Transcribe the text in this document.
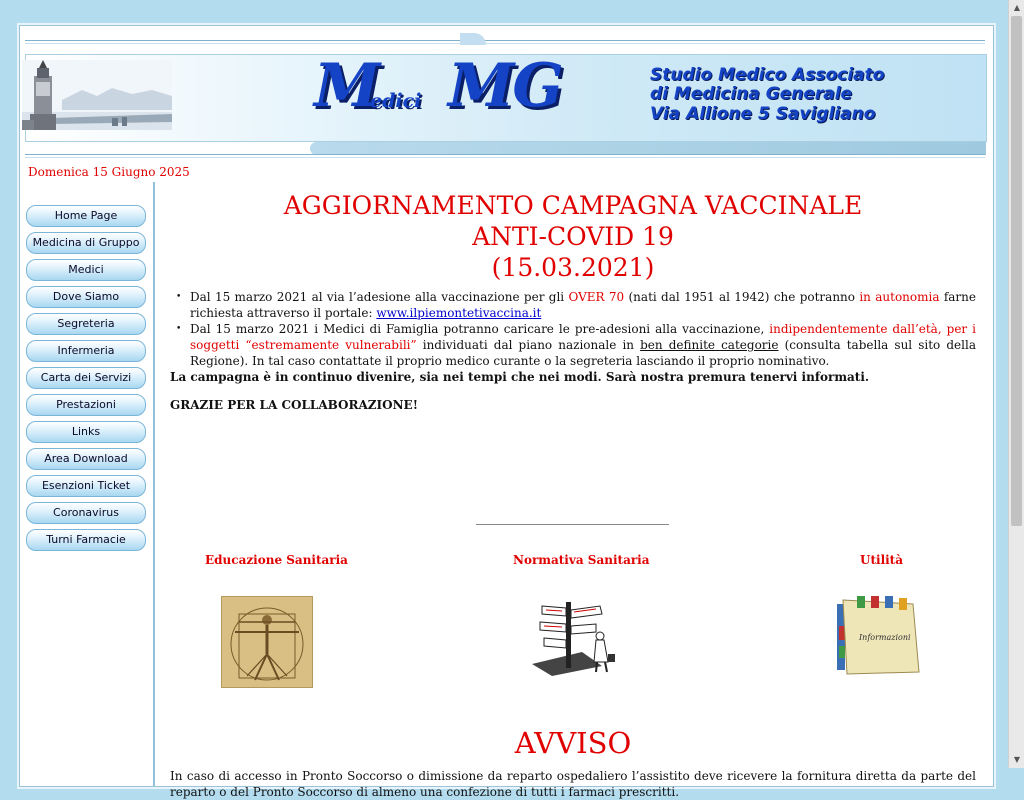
M
edici MG	Studio Medico Associato
di Medicina Generale
Via Allione 5 Savigliano
Domenica 15 Giugno 2025
Home Page
Medicina di Gruppo
Medici
Dove Siamo
Segreteria
Infermeria
Carta dei Servizi
Prestazioni
Links
Area Download
Esenzioni Ticket
Coronavirus
Turni Farmacie
AGGIORNAMENTO CAMPAGNA VACCINALE
ANTI-COVID 19
(15.03.2021)
• Dal 15 marzo 2021 al via l’adesione alla vaccinazione per gli OVER 70 (nati dal 1951 al 1942) che potranno in autonomia farne richiesta attraverso il portale: www.ilpiemontetivaccina.it
• Dal 15 marzo 2021 i Medici di Famiglia potranno caricare le pre-adesioni alla vaccinazione, indipendentemente dall’età, per i soggetti “estremamente vulnerabili” individuati dal piano nazionale in ben definite categorie (consulta tabella sul sito della Regione). In tal caso contattate il proprio medico curante o la segreteria lasciando il proprio nominativo.

La campagna è in continuo divenire, sia nei tempi che nei modi. Sarà nostra premura tenervi informati.

GRAZIE PER LA COLLABORAZIONE!

Educazione Sanitaria	Normativa Sanitaria	Utilità
Informazioni
AVVISO
In caso di accesso in Pronto Soccorso o dimissione da reparto ospedaliero l’assistito deve ricevere la fornitura diretta da parte del reparto o del Pronto Soccorso di almeno una confezione di tutti i farmaci prescritti.
▲
▼
